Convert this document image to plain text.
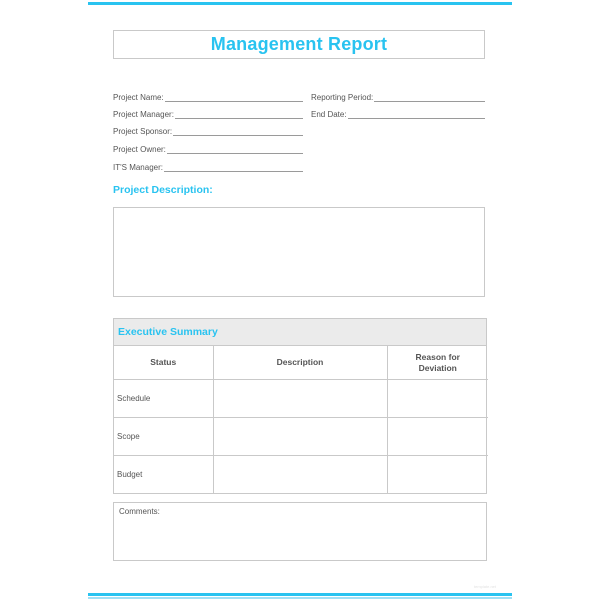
Management Report
Project Name:
Project Manager:
Project Sponsor:
Project Owner:
IT'S Manager:
Reporting Period:
End Date:
Project Description:
Executive Summary
Status	Description	Reason for
Deviation
Schedule		
Scope		
Budget		
Comments:
template.net
